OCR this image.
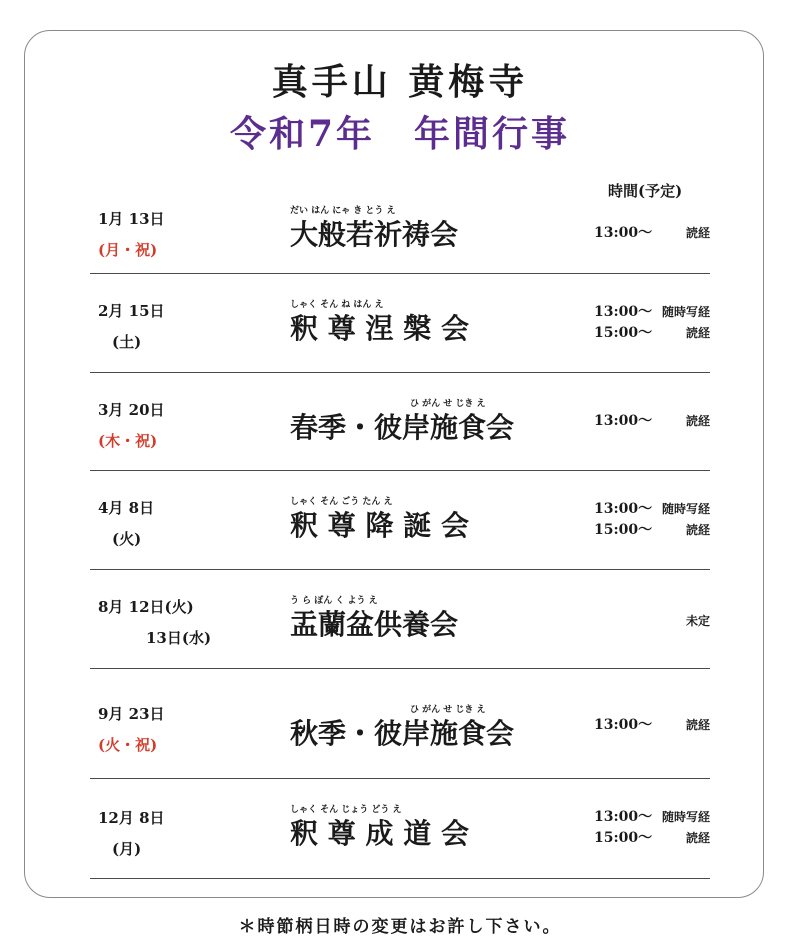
真手山 黄梅寺
令和7年　年間行事
時間(予定)
1月 13日
(月・祝)
だい はん にゃ き とう え
大般若祈祷会	13:00〜	読経
2月 15日
(土)
しゃく そん ね はん え
釈 尊 涅 槃 会	13:00〜 随時写経
15:00〜	読経
3月 20日
(木・祝)
ひ がん せ じき え
春季・彼岸施食会	13:00〜	読経
4月 8日
(火)
しゃく そん ごう たん え
釈 尊 降 誕 会	13:00〜 随時写経
15:00〜	読経
8月 12日(火)
13日(水)
う ら ぼん く よう え
盂蘭盆供養会	未定
9月 23日
(火・祝)
ひ がん せ じき え
秋季・彼岸施食会	13:00〜	読経
12月 8日
(月)
しゃく そん じょう どう え
釈 尊 成 道 会	13:00〜 随時写経
15:00〜	読経
＊時節柄日時の変更はお許し下さい。
